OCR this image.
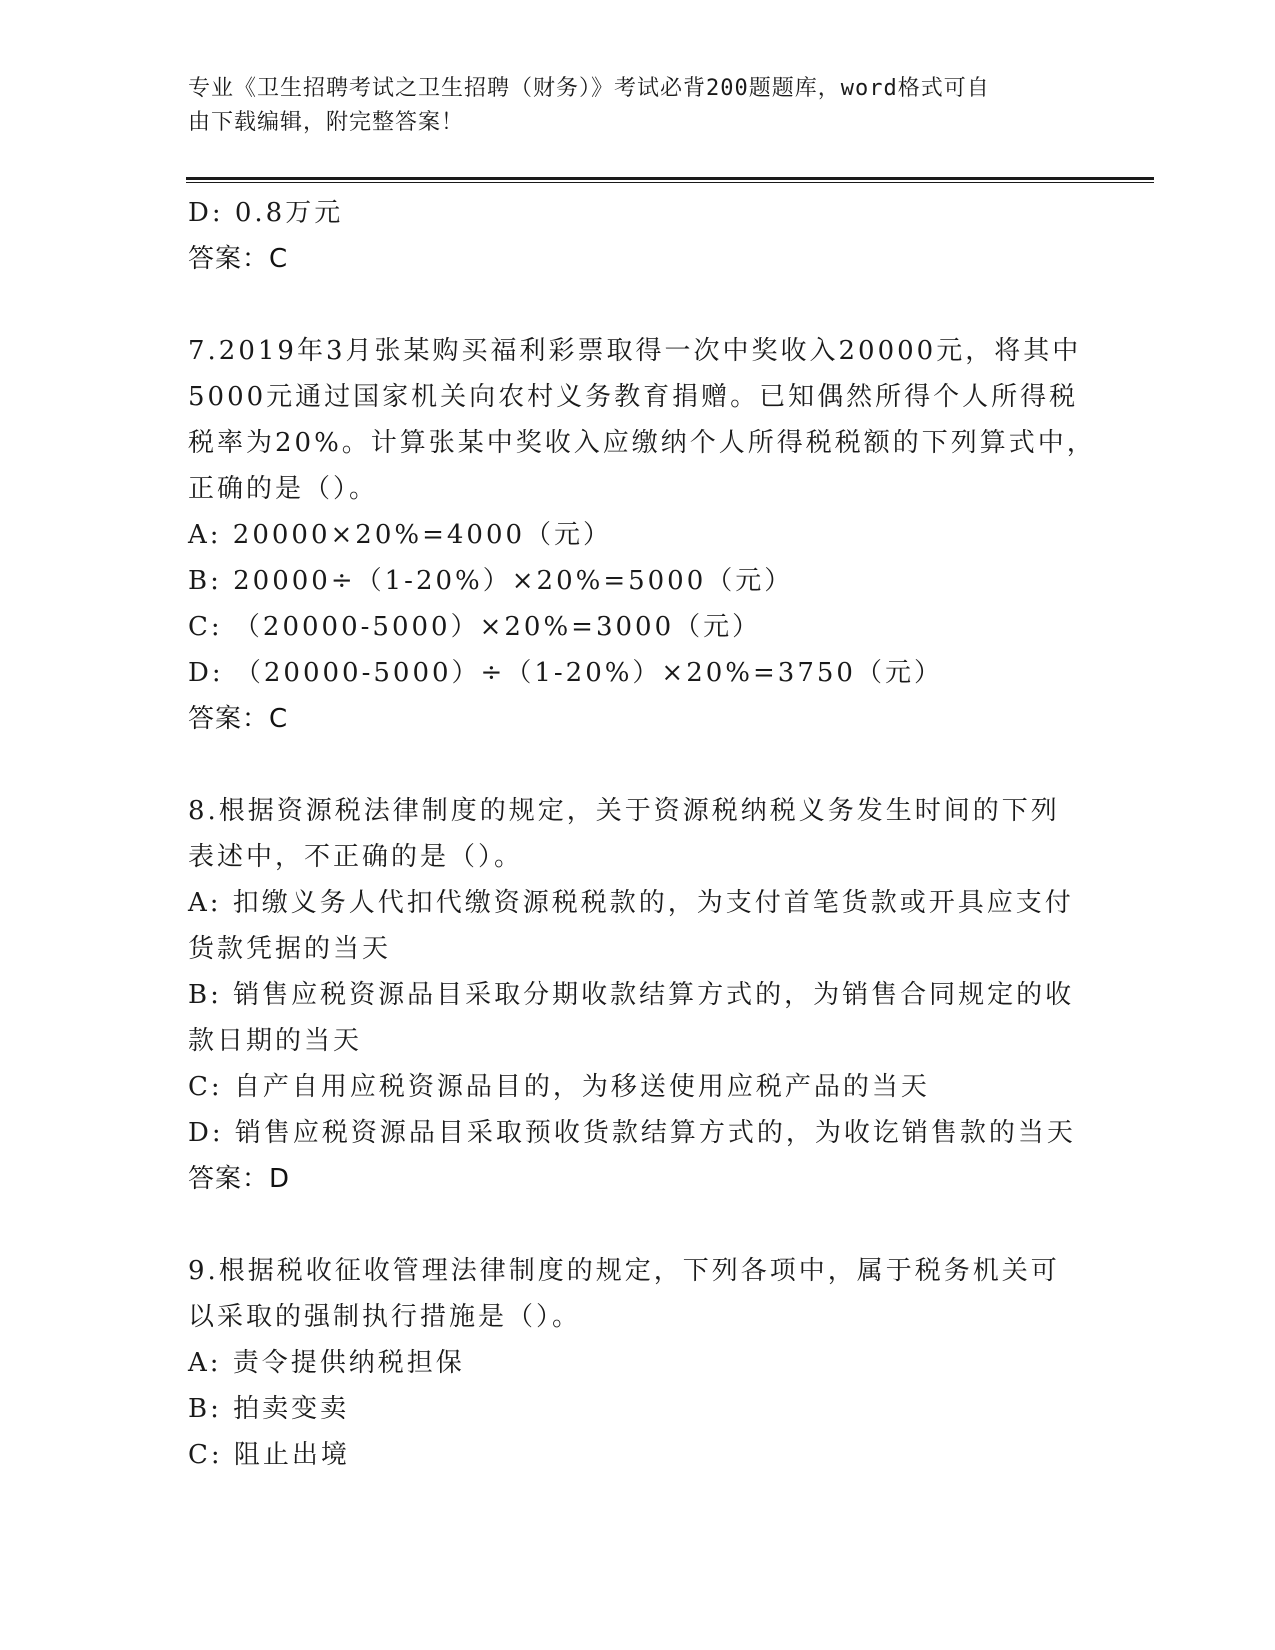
专业《卫生招聘考试之卫生招聘（财务）》考试必背200题题库，word格式可自
由下载编辑，附完整答案！
D: 0.8万元
答案：C
7.2019年3月张某购买福利彩票取得一次中奖收入20000元，将其中
5000元通过国家机关向农村义务教育捐赠。已知偶然所得个人所得税
税率为20%。计算张某中奖收入应缴纳个人所得税税额的下列算式中，
正确的是（）。
A: 20000×20%=4000（元）
B: 20000÷（1-20%）×20%=5000（元）
C: （20000-5000）×20%=3000（元）
D: （20000-5000）÷（1-20%）×20%=3750（元）
答案：C
8.根据资源税法律制度的规定，关于资源税纳税义务发生时间的下列
表述中，不正确的是（）。
A: 扣缴义务人代扣代缴资源税税款的，为支付首笔货款或开具应支付
货款凭据的当天
B: 销售应税资源品目采取分期收款结算方式的，为销售合同规定的收
款日期的当天
C: 自产自用应税资源品目的，为移送使用应税产品的当天
D: 销售应税资源品目采取预收货款结算方式的，为收讫销售款的当天
答案：D
9.根据税收征收管理法律制度的规定，下列各项中，属于税务机关可
以采取的强制执行措施是（）。
A: 责令提供纳税担保
B: 拍卖变卖
C: 阻止出境
